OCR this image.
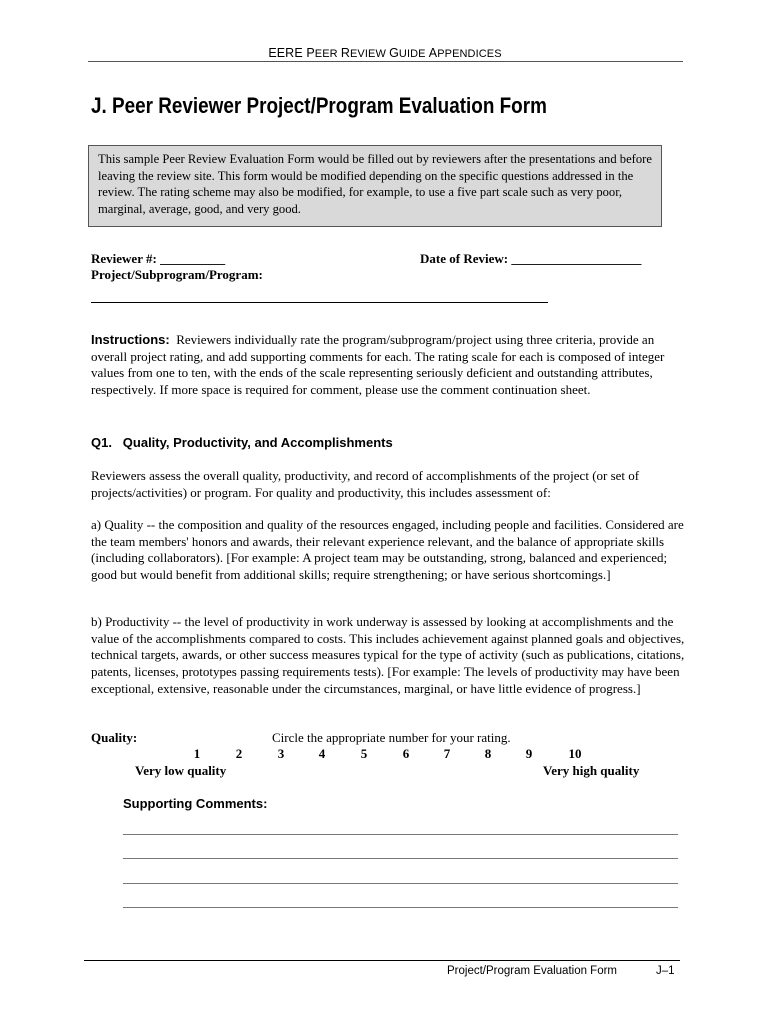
EERE PEER REVIEW GUIDE APPENDICES
J. Peer Reviewer Project/Program Evaluation Form
This sample Peer Review Evaluation Form would be filled out by reviewers after the presentations and before leaving the review site. This form would be modified depending on the specific questions addressed in the review. The rating scheme may also be modified, for example, to use a five part scale such as very poor, marginal, average, good, and very good.
Reviewer #: __________	Date of Review: ____________________
Project/Subprogram/Program:
Instructions: Reviewers individually rate the program/subprogram/project using three criteria, provide an overall project rating, and add supporting comments for each. The rating scale for each is composed of integer values from one to ten, with the ends of the scale representing seriously deficient and outstanding attributes, respectively. If more space is required for comment, please use the comment continuation sheet.
Q1.   Quality, Productivity, and Accomplishments
Reviewers assess the overall quality, productivity, and record of accomplishments of the project (or set of projects/activities) or program. For quality and productivity, this includes assessment of:
a) Quality -- the composition and quality of the resources engaged, including people and facilities. Considered are the team members' honors and awards, their relevant experience relevant, and the balance of appropriate skills (including collaborators). [For example: A project team may be outstanding, strong, balanced and experienced; good but would benefit from additional skills; require strengthening; or have serious shortcomings.]
b) Productivity -- the level of productivity in work underway is assessed by looking at accomplishments and the value of the accomplishments compared to costs. This includes achievement against planned goals and objectives, technical targets, awards, or other success measures typical for the type of activity (such as publications, citations, patents, licenses, prototypes passing requirements tests). [For example: The levels of productivity may have been exceptional, extensive, reasonable under the circumstances, marginal, or have little evidence of progress.]
Quality:	Circle the appropriate number for your rating.
1	2	3	4	5	6	7	8	9	10
Very low quality	Very high quality
Supporting Comments:
Project/Program Evaluation Form	J–1
